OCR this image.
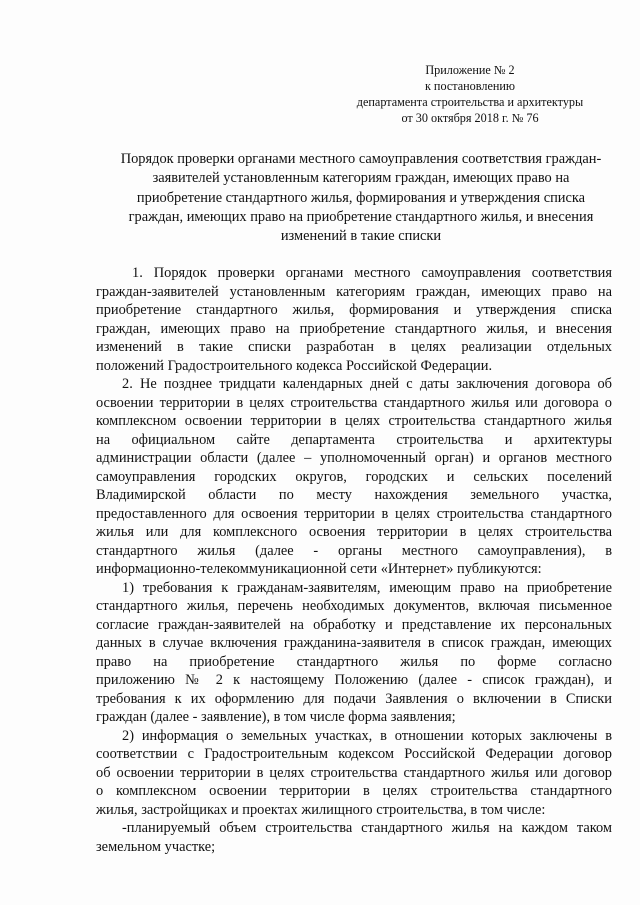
Приложение № 2
к постановлению
департамента строительства и архитектуры
от 30 октября 2018 г. № 76
Порядок проверки органами местного самоуправления соответствия граждан-
заявителей установленным категориям граждан, имеющих право на
приобретение стандартного жилья, формирования и утверждения списка
граждан, имеющих право на приобретение стандартного жилья, и внесения
изменений в такие списки
1. Порядок проверки органами местного самоуправления соответствия
граждан-заявителей установленным категориям граждан, имеющих право на
приобретение стандартного жилья, формирования и утверждения списка
граждан, имеющих право на приобретение стандартного жилья, и внесения
изменений в такие списки разработан в целях реализации отдельных
положений Градостроительного кодекса Российской Федерации.
2. Не позднее тридцати календарных дней с даты заключения договора об
освоении территории в целях строительства стандартного жилья или договора о
комплексном освоении территории в целях строительства стандартного жилья
на официальном сайте департамента строительства и архитектуры
администрации области (далее – уполномоченный орган) и органов местного
самоуправления городских округов, городских и сельских поселений
Владимирской области по месту нахождения земельного участка,
предоставленного для освоения территории в целях строительства стандартного
жилья или для комплексного освоения территории в целях строительства
стандартного жилья (далее - органы местного самоуправления), в
информационно-телекоммуникационной сети «Интернет» публикуются:
1) требования к гражданам-заявителям, имеющим право на приобретение
стандартного жилья, перечень необходимых документов, включая письменное
согласие граждан-заявителей на обработку и представление их персональных
данных в случае включения гражданина-заявителя в список граждан, имеющих
право на приобретение стандартного жилья по форме согласно
приложению № 2 к настоящему Положению (далее - список граждан), и
требования к их оформлению для подачи Заявления о включении в Списки
граждан (далее - заявление), в том числе форма заявления;
2) информация о земельных участках, в отношении которых заключены в
соответствии с Градостроительным кодексом Российской Федерации договор
об освоении территории в целях строительства стандартного жилья или договор
о комплексном освоении территории в целях строительства стандартного
жилья, застройщиках и проектах жилищного строительства, в том числе:
-планируемый объем строительства стандартного жилья на каждом таком
земельном участке;
